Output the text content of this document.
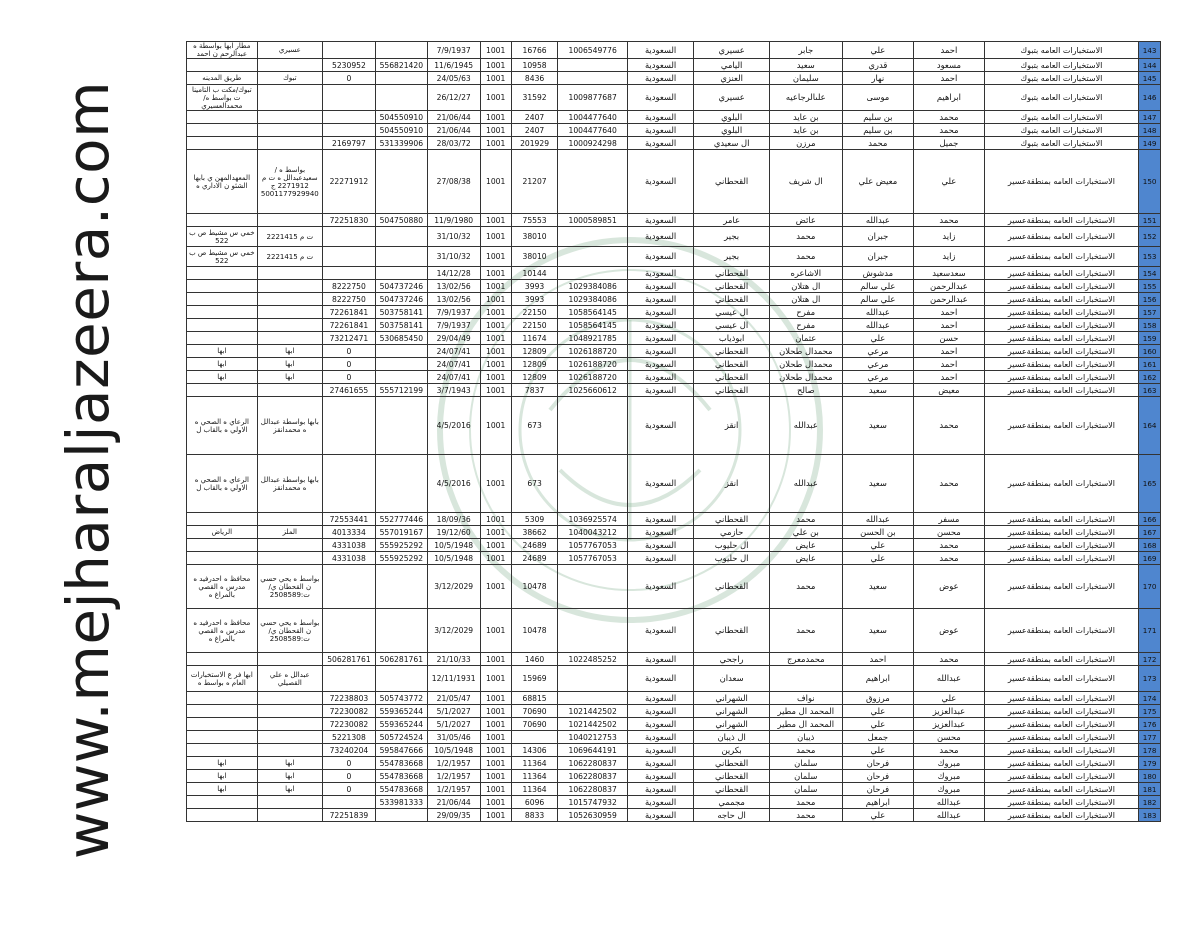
www.mejharaljazeera.com
143	الاستخبارات العامه بتبوك	احمد	علي	جابر	عسيري	السعودية	1006549776	16766	1001	7/9/1937			عسيري	مطار ابها بواسطة ه عبدالرحم ن احمد
144	الاستخبارات العامه بتبوك	مسعود	قدري	سعيد	اليامي	السعودية		10958	1001	11/6/1945	556821420	5230952		
145	الاستخبارات العامه بتبوك	احمد	نهار	سليمان	العنزي	السعودية		8436	1001	24/05/63		0	تبوك	طريق المدينه
146	الاستخبارات العامه بتبوك	ابراهيم	موسى	علىالرجاعيه	عسيري	السعودية	1009877687	31592	1001	26/12/27				تبوك/مكت ب التامينا ت بواسط ه/محمدالعسيري
147	الاستخبارات العامه بتبوك	محمد	بن سليم	بن عايد	البلوي	السعودية	1004477640	2407	1001	21/06/44	504550910			
148	الاستخبارات العامه بتبوك	محمد	بن سليم	بن عايد	البلوي	السعودية	1004477640	2407	1001	21/06/44	504550910			
149	الاستخبارات العامه بتبوك	جميل	محمد	مرزن	ال سعيدي	السعودية	1000924298	201929	1001	28/03/72	531339906	2169797		
150	الاستخبارات العامه بمنطقةعسير	علي	معيض علي	ال شريف	القحطاني	السعودية		21207	1001	27/08/38		22271912	بواسط ه /سعيدعبدالل ه ت م 2271912 ج 5001177929940	المعهدالمهن ي بابها الشئو ن الاداري ه
151	الاستخبارات العامه بمنطقةعسير	محمد	عبدالله	عائض	عامر	السعودية	1000589851	75553	1001	11/9/1980	504750880	72251830		
152	الاستخبارات العامه بمنطقةعسير	زايد	جبران	محمد	بجير	السعودية		38010	1001	31/10/32			ت م 2221415	خمي س مشيط ص ب 522
153	الاستخبارات العامه بمنطقةعسير	زايد	جبران	محمد	بجير	السعودية		38010	1001	31/10/32			ت م 2221415	خمي س مشيط ص ب 522
154	الاستخبارات العامه بمنطقةعسير	سعدسعيد	مدشوش	الاشاعره	القحطاني	السعودية		10144	1001	14/12/28				
155	الاستخبارات العامه بمنطقةعسير	عبدالرحمن	علي سالم	ال هتلان	القحطاني	السعودية	1029384086	3993	1001	13/02/56	504737246	8222750		
156	الاستخبارات العامه بمنطقةعسير	عبدالرحمن	علي سالم	ال هتلان	القحطاني	السعودية	1029384086	3993	1001	13/02/56	504737246	8222750		
157	الاستخبارات العامه بمنطقةعسير	احمد	عبدالله	مفرح	ال عيسي	السعودية	1058564145	22150	1001	7/9/1937	503758141	72261841		
158	الاستخبارات العامه بمنطقةعسير	احمد	عبدالله	مفرح	ال عيسي	السعودية	1058564145	22150	1001	7/9/1937	503758141	72261841		
159	الاستخبارات العامه بمنطقةعسير	حسن	علي	عثمان	ابوذياب	السعودية	1048921785	11674	1001	29/04/49	530685450	73212471		
160	الاستخبارات العامه بمنطقةعسير	احمد	مرعي	محمدال طحلان	القحطاني	السعودية	1026188720	12809	1001	24/07/41		0	ابها	ابها
161	الاستخبارات العامه بمنطقةعسير	احمد	مرعي	محمدال طحلان	القحطاني	السعودية	1026188720	12809	1001	24/07/41		0	ابها	ابها
162	الاستخبارات العامه بمنطقةعسير	احمد	مرعي	محمدال طحلان	القحطاني	السعودية	1026188720	12809	1001	24/07/41		0	ابها	ابها
163	الاستخبارات العامه بمنطقةعسير	معيض	سعيد	صالح	القحطاني	السعودية	1025660612	7837	1001	3/7/1943	555712199	27461655		
164	الاستخبارات العامه بمنطقةعسير	محمد	سعيد	عبدالله	انقز	السعودية		673	1001	4/5/2016			بابها بواسطة عبدالل ه محمدانقز	الرعاي ه الصحي ه الاولي ه بالقاب ل
165	الاستخبارات العامه بمنطقةعسير	محمد	سعيد	عبدالله	انقز	السعودية		673	1001	4/5/2016			بابها بواسطة عبدالل ه محمدانقز	الرعاي ه الصحي ه الاولي ه بالقاب ل
166	الاستخبارات العامه بمنطقةعسير	مسفر	عبدالله	محمد	القحطاني	السعودية	1036925574	5309	1001	18/09/36	552777446	72553441		
167	الاستخبارات العامه بمنطقةعسير	محسن	بن الحسن	بن علي	حازمي	السعودية	1040043212	38662	1001	19/12/60	557019167	4013334	الملز	الرياض
168	الاستخبارات العامه بمنطقةعسير	محمد	علي	عايض	ال حليوب	السعودية	1057767053	24689	1001	10/5/1948	555925292	4331038		
169	الاستخبارات العامه بمنطقةعسير	محمد	علي	عايض	ال حليوب	السعودية	1057767053	24689	1001	10/5/1948	555925292	4331038		
170	الاستخبارات العامه بمنطقةعسير	عوض	سعيد	محمد	القحطاني	السعودية		10478	1001	3/12/2029			بواسط ه يحي حسي ن القحطان ي/ ت:2508589	محافظ ه احدرفيد ه مدرس ه القصي بالمراغ ه
171	الاستخبارات العامه بمنطقةعسير	عوض	سعيد	محمد	القحطاني	السعودية		10478	1001	3/12/2029			بواسط ه يحي حسي ن القحطان ي/ ت:2508589	محافظ ه احدرفيد ه مدرس ه القصي بالمراغ ه
172	الاستخبارات العامه بمنطقةعسير	محمد	احمد	محمدمعرج	راجحي	السعودية	1022485252	1460	1001	21/10/33	506281761	506281761		
173	الاستخبارات العامه بمنطقةعسير	عبدالله	ابراهيم		سعدان	السعودية		15969	1001	12/11/1931			عبدالل ه علي القصيلي	ابها فر ع الاستخبارات العام ه بواسط ه
174	الاستخبارات العامه بمنطقةعسير	علي	مرزوق	نواف	الشهراني	السعودية		68815	1001	21/05/47	505743772	72238803		
175	الاستخبارات العامه بمنطقةعسير	عبدالعزيز	علي	المحمد ال مطير	الشهراني	السعودية	1021442502	70690	1001	5/1/2027	559365244	72230082		
176	الاستخبارات العامه بمنطقةعسير	عبدالعزيز	علي	المحمد ال مطير	الشهراني	السعودية	1021442502	70690	1001	5/1/2027	559365244	72230082		
177	الاستخبارات العامه بمنطقةعسير	محسن	جمعل	ذيبان	ال ذيبان	السعودية	1040212753		1001	31/05/46	505724524	5221308		
178	الاستخبارات العامه بمنطقةعسير	محمد	علي	محمد	بكرين	السعودية	1069644191	14306	1001	10/5/1948	595847666	73240204		
179	الاستخبارات العامه بمنطقةعسير	مبروك	فرحان	سلمان	القحطاني	السعودية	1062280837	11364	1001	1/2/1957	554783668	0	ابها	ابها
180	الاستخبارات العامه بمنطقةعسير	مبروك	فرحان	سلمان	القحطاني	السعودية	1062280837	11364	1001	1/2/1957	554783668	0	ابها	ابها
181	الاستخبارات العامه بمنطقةعسير	مبروك	فرحان	سلمان	القحطاني	السعودية	1062280837	11364	1001	1/2/1957	554783668	0	ابها	ابها
182	الاستخبارات العامه بمنطقةعسير	عبدالله	ابراهيم	محمد	مجممي	السعودية	1015747932	6096	1001	21/06/44	533981333			
183	الاستخبارات العامه بمنطقةعسير	عبدالله	علي	محمد	ال حاجه	السعودية	1052630959	8833	1001	29/09/35		72251839		
